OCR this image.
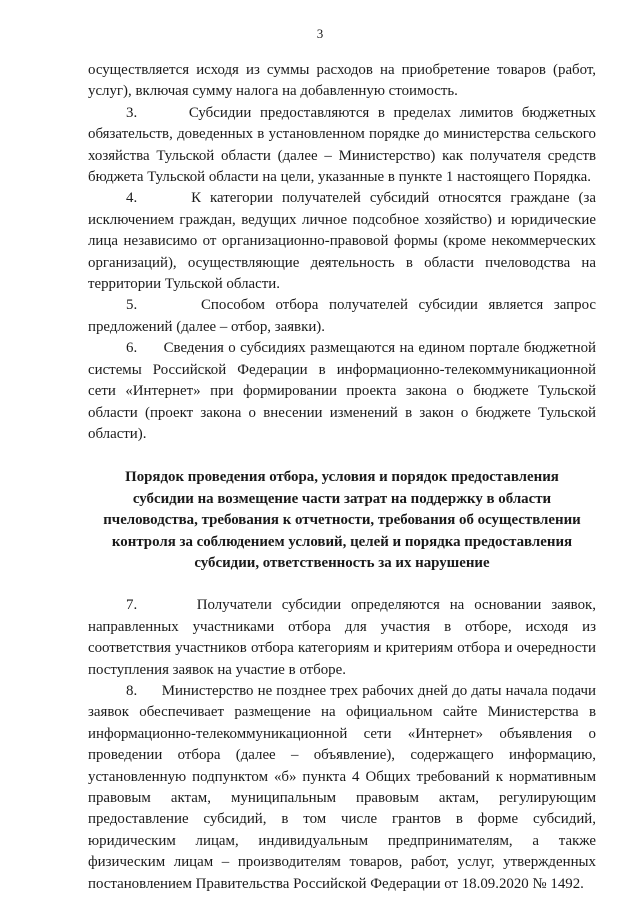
3

осуществляется исходя из суммы расходов на приобретение товаров (работ, услуг), включая сумму налога на добавленную стоимость.

3.      Субсидии предоставляются в пределах лимитов бюджетных обязательств, доведенных в установленном порядке до министерства сельского хозяйства Тульской области (далее – Министерство) как получателя средств бюджета Тульской области на цели, указанные в пункте 1 настоящего Порядка.

4.      К категории получателей субсидий относятся граждане (за исключением граждан, ведущих личное подсобное хозяйство) и юридические лица независимо от организационно-правовой формы (кроме некоммерческих организаций), осуществляющие деятельность в области пчеловодства на территории Тульской области.

5.      Способом отбора получателей субсидии является запрос предложений (далее – отбор, заявки).

6.      Сведения о субсидиях размещаются на едином портале бюджетной системы Российской Федерации в информационно-телекоммуникационной сети «Интернет» при формировании проекта закона о бюджете Тульской области (проект закона о внесении изменений в закон о бюджете Тульской области).

Порядок проведения отбора, условия и порядок предоставления
субсидии на возмещение части затрат на поддержку в области
пчеловодства, требования к отчетности, требования об осуществлении
контроля за соблюдением условий, целей и порядка предоставления
субсидии, ответственность за их нарушение

7.      Получатели субсидии определяются на основании заявок, направленных участниками отбора для участия в отборе, исходя из соответствия участников отбора категориям и критериям отбора и очередности поступления заявок на участие в отборе.

8.      Министерство не позднее трех рабочих дней до даты начала подачи заявок обеспечивает размещение на официальном сайте Министерства в информационно-телекоммуникационной сети «Интернет» объявления о проведении отбора (далее – объявление), содержащего информацию, установленную подпунктом «б» пункта 4 Общих требований к нормативным правовым актам, муниципальным правовым актам, регулирующим предоставление субсидий, в том числе грантов в форме субсидий, юридическим лицам, индивидуальным предпринимателям, а также физическим лицам – производителям товаров, работ, услуг, утвержденных постановлением Правительства Российской Федерации от 18.09.2020 № 1492.
